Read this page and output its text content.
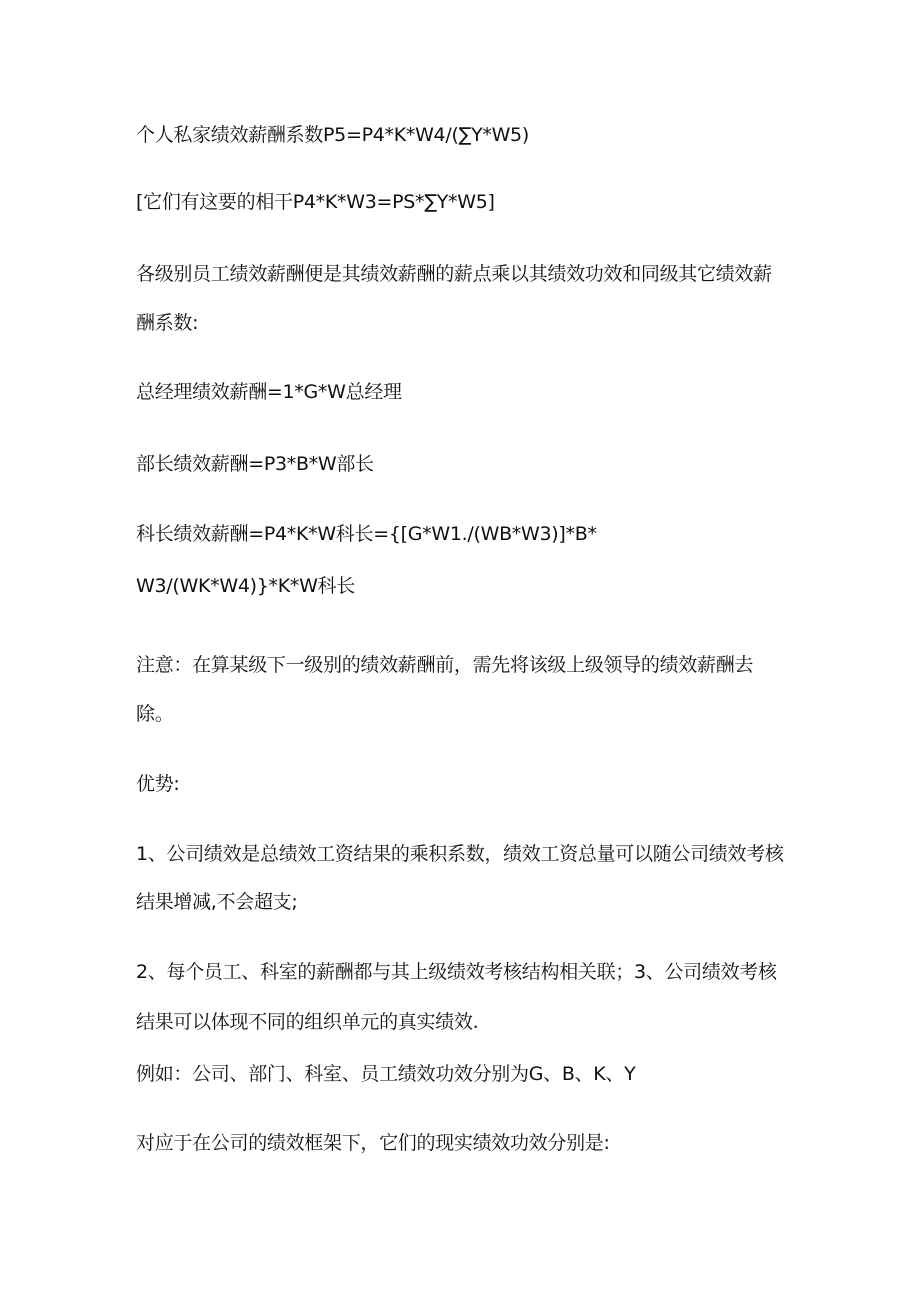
个人私家绩效薪酬系数P5=P4*K*W4/(∑Y*W5)
[它们有这要的相干P4*K*W3=PS*∑Y*W5]
各级别员工绩效薪酬便是其绩效薪酬的薪点乘以其绩效功效和同级其它绩效薪
酬系数:
总经理绩效薪酬=1*G*W总经理
部长绩效薪酬=P3*B*W部长
科长绩效薪酬=P4*K*W科长={[G*W1./(WB*W3)]*B*
W3/(WK*W4)}*K*W科长
注意：在算某级下一级别的绩效薪酬前，需先将该级上级领导的绩效薪酬去
除。
优势:
1、公司绩效是总绩效工资结果的乘积系数，绩效工资总量可以随公司绩效考核
结果增减,不会超支;
2、每个员工、科室的薪酬都与其上级绩效考核结构相关联；3、公司绩效考核
结果可以体现不同的组织单元的真实绩效.
例如：公司、部门、科室、员工绩效功效分别为G、B、K、Y
对应于在公司的绩效框架下，它们的现实绩效功效分别是:
